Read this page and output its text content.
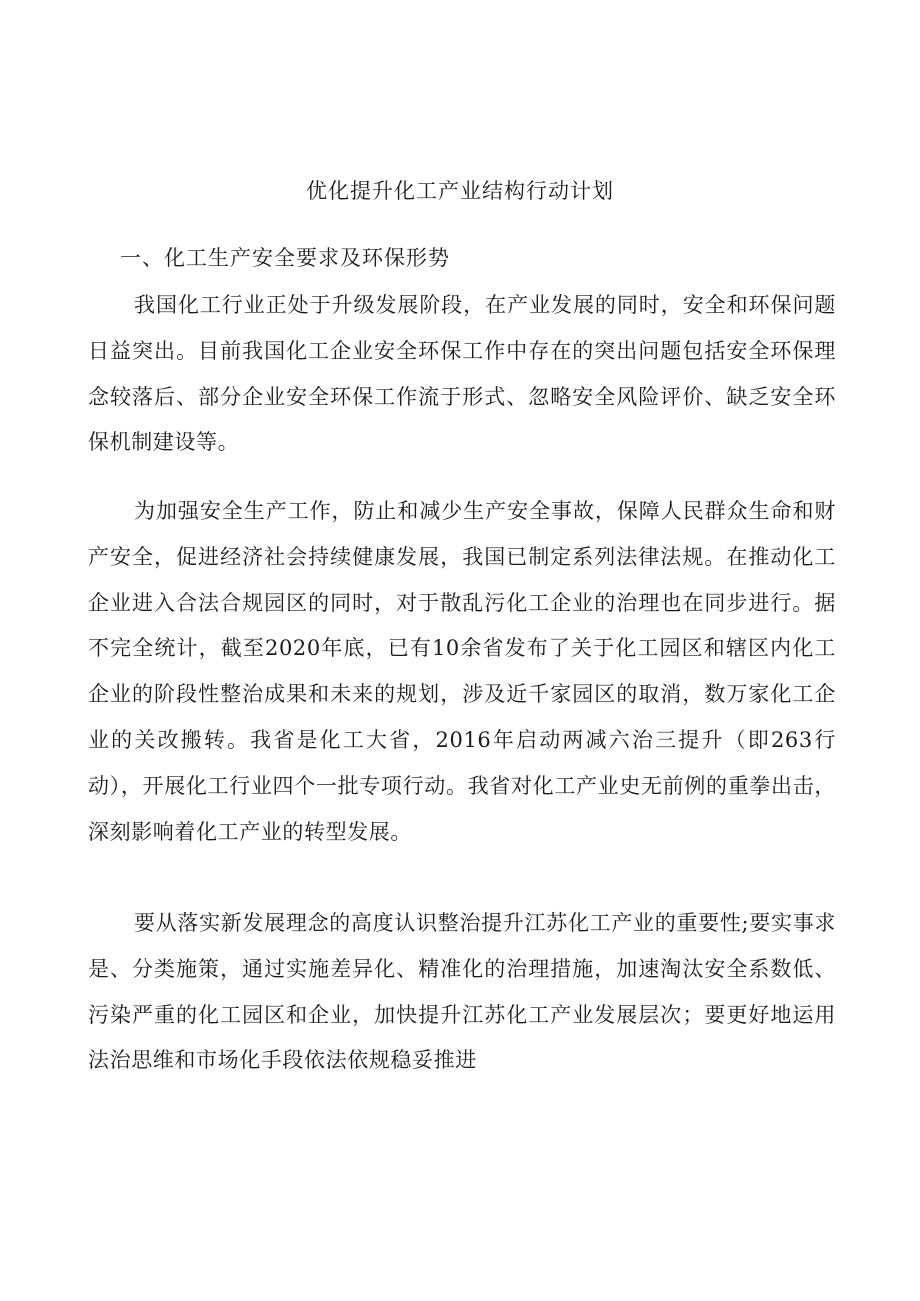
优化提升化工产业结构行动计划
一、化工生产安全要求及环保形势

我国化工行业正处于升级发展阶段，在产业发展的同时，安全和环保问题日益突出。目前我国化工企业安全环保工作中存在的突出问题包括安全环保理念较落后、部分企业安全环保工作流于形式、忽略安全风险评价、缺乏安全环保机制建设等。

为加强安全生产工作，防止和减少生产安全事故，保障人民群众生命和财产安全，促进经济社会持续健康发展，我国已制定系列法律法规。在推动化工企业进入合法合规园区的同时，对于散乱污化工企业的治理也在同步进行。据不完全统计，截至2020年底，已有10余省发布了关于化工园区和辖区内化工企业的阶段性整治成果和未来的规划，涉及近千家园区的取消，数万家化工企业的关改搬转。我省是化工大省，2016年启动两减六治三提升（即263行动），开展化工行业四个一批专项行动。我省对化工产业史无前例的重拳出击，深刻影响着化工产业的转型发展。

要从落实新发展理念的高度认识整治提升江苏化工产业的重要性;要实事求是、分类施策，通过实施差异化、精准化的治理措施，加速淘汰安全系数低、污染严重的化工园区和企业，加快提升江苏化工产业发展层次；要更好地运用法治思维和市场化手段依法依规稳妥推进
